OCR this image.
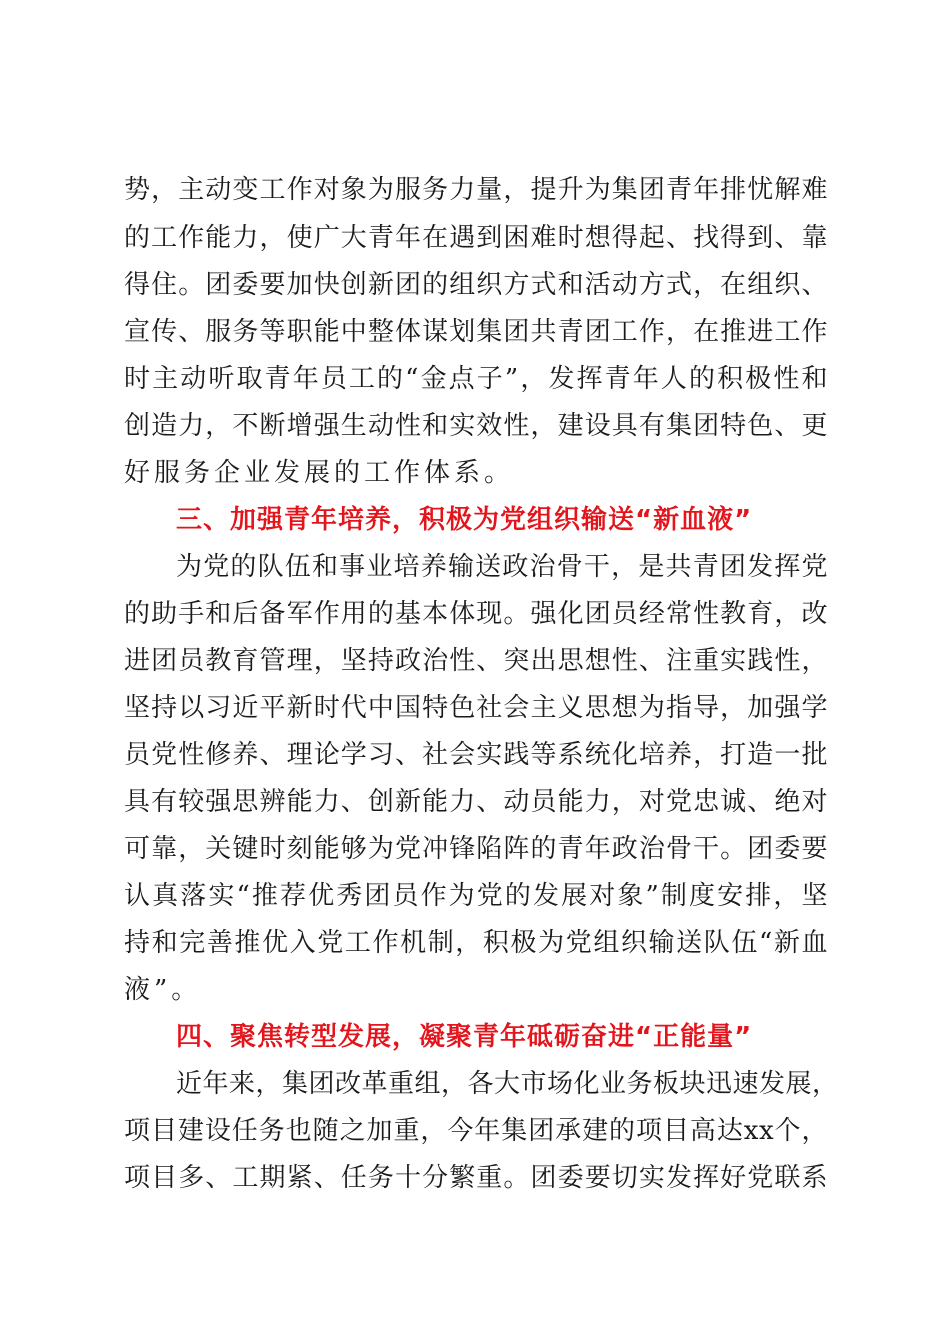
势，主动变工作对象为服务力量，提升为集团青年排忧解难
的工作能力，使广大青年在遇到困难时想得起、找得到、靠
得住。团委要加快创新团的组织方式和活动方式，在组织、
宣传、服务等职能中整体谋划集团共青团工作，在推进工作
时主动听取青年员工的“金点子”，发挥青年人的积极性和
创造力，不断增强生动性和实效性，建设具有集团特色、更
好服务企业发展的工作体系。
三、加强青年培养，积极为党组织输送“新血液”
为党的队伍和事业培养输送政治骨干，是共青团发挥党
的助手和后备军作用的基本体现。强化团员经常性教育，改
进团员教育管理，坚持政治性、突出思想性、注重实践性，
坚持以习近平新时代中国特色社会主义思想为指导，加强学
员党性修养、理论学习、社会实践等系统化培养，打造一批
具有较强思辨能力、创新能力、动员能力，对党忠诚、绝对
可靠，关键时刻能够为党冲锋陷阵的青年政治骨干。团委要
认真落实“推荐优秀团员作为党的发展对象”制度安排，坚
持和完善推优入党工作机制，积极为党组织输送队伍“新血
液”。
四、聚焦转型发展，凝聚青年砥砺奋进“正能量”
近年来，集团改革重组，各大市场化业务板块迅速发展，
项目建设任务也随之加重，今年集团承建的项目高达xx个，
项目多、工期紧、任务十分繁重。团委要切实发挥好党联系
